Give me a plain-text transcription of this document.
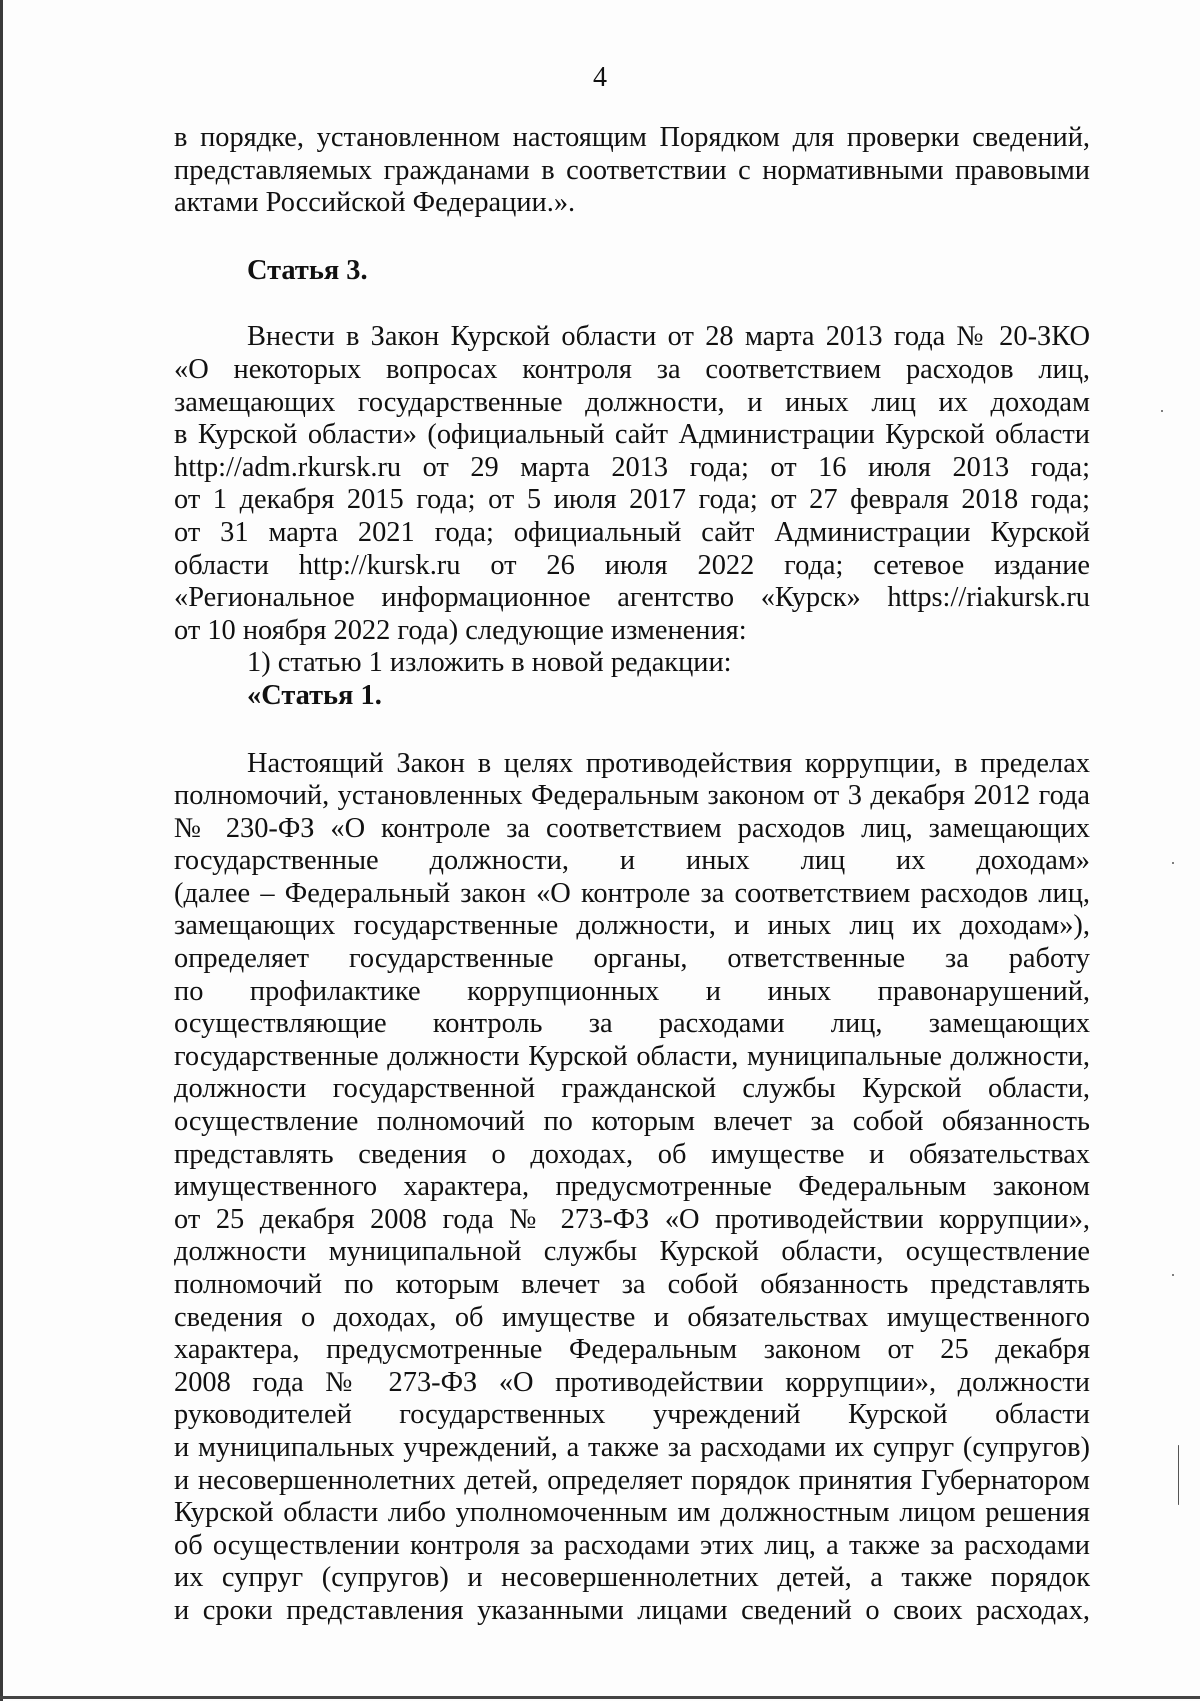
4
в порядке, установленном настоящим Порядком для проверки сведений,
представляемых гражданами в соответствии с нормативными правовыми
актами Российской Федерации.».
Статья 3.
Внести в Закон Курской области от 28 марта 2013 года № 20-ЗКО
«О некоторых вопросах контроля за соответствием расходов лиц,
замещающих государственные должности, и иных лиц их доходам
в Курской области» (официальный сайт Администрации Курской области
http://adm.rkursk.ru от 29 марта 2013 года; от 16 июля 2013 года;
от 1 декабря 2015 года; от 5 июля 2017 года; от 27 февраля 2018 года;
от 31 марта 2021 года; официальный сайт Администрации Курской
области http://kursk.ru от 26 июля 2022 года; сетевое издание
«Региональное информационное агентство «Курск» https://riakursk.ru
от 10 ноября 2022 года) следующие изменения:
1) статью 1 изложить в новой редакции:
«Статья 1.
Настоящий Закон в целях противодействия коррупции, в пределах
полномочий, установленных Федеральным законом от 3 декабря 2012 года
№ 230-ФЗ «О контроле за соответствием расходов лиц, замещающих
государственные должности, и иных лиц их доходам»
(далее – Федеральный закон «О контроле за соответствием расходов лиц,
замещающих государственные должности, и иных лиц их доходам»),
определяет государственные органы, ответственные за работу
по профилактике коррупционных и иных правонарушений,
осуществляющие контроль за расходами лиц, замещающих
государственные должности Курской области, муниципальные должности,
должности государственной гражданской службы Курской области,
осуществление полномочий по которым влечет за собой обязанность
представлять сведения о доходах, об имуществе и обязательствах
имущественного характера, предусмотренные Федеральным законом
от 25 декабря 2008 года № 273-ФЗ «О противодействии коррупции»,
должности муниципальной службы Курской области, осуществление
полномочий по которым влечет за собой обязанность представлять
сведения о доходах, об имуществе и обязательствах имущественного
характера, предусмотренные Федеральным законом от 25 декабря
2008 года № 273-ФЗ «О противодействии коррупции», должности
руководителей государственных учреждений Курской области
и муниципальных учреждений, а также за расходами их супруг (супругов)
и несовершеннолетних детей, определяет порядок принятия Губернатором
Курской области либо уполномоченным им должностным лицом решения
об осуществлении контроля за расходами этих лиц, а также за расходами
их супруг (супругов) и несовершеннолетних детей, а также порядок
и сроки представления указанными лицами сведений о своих расходах,
